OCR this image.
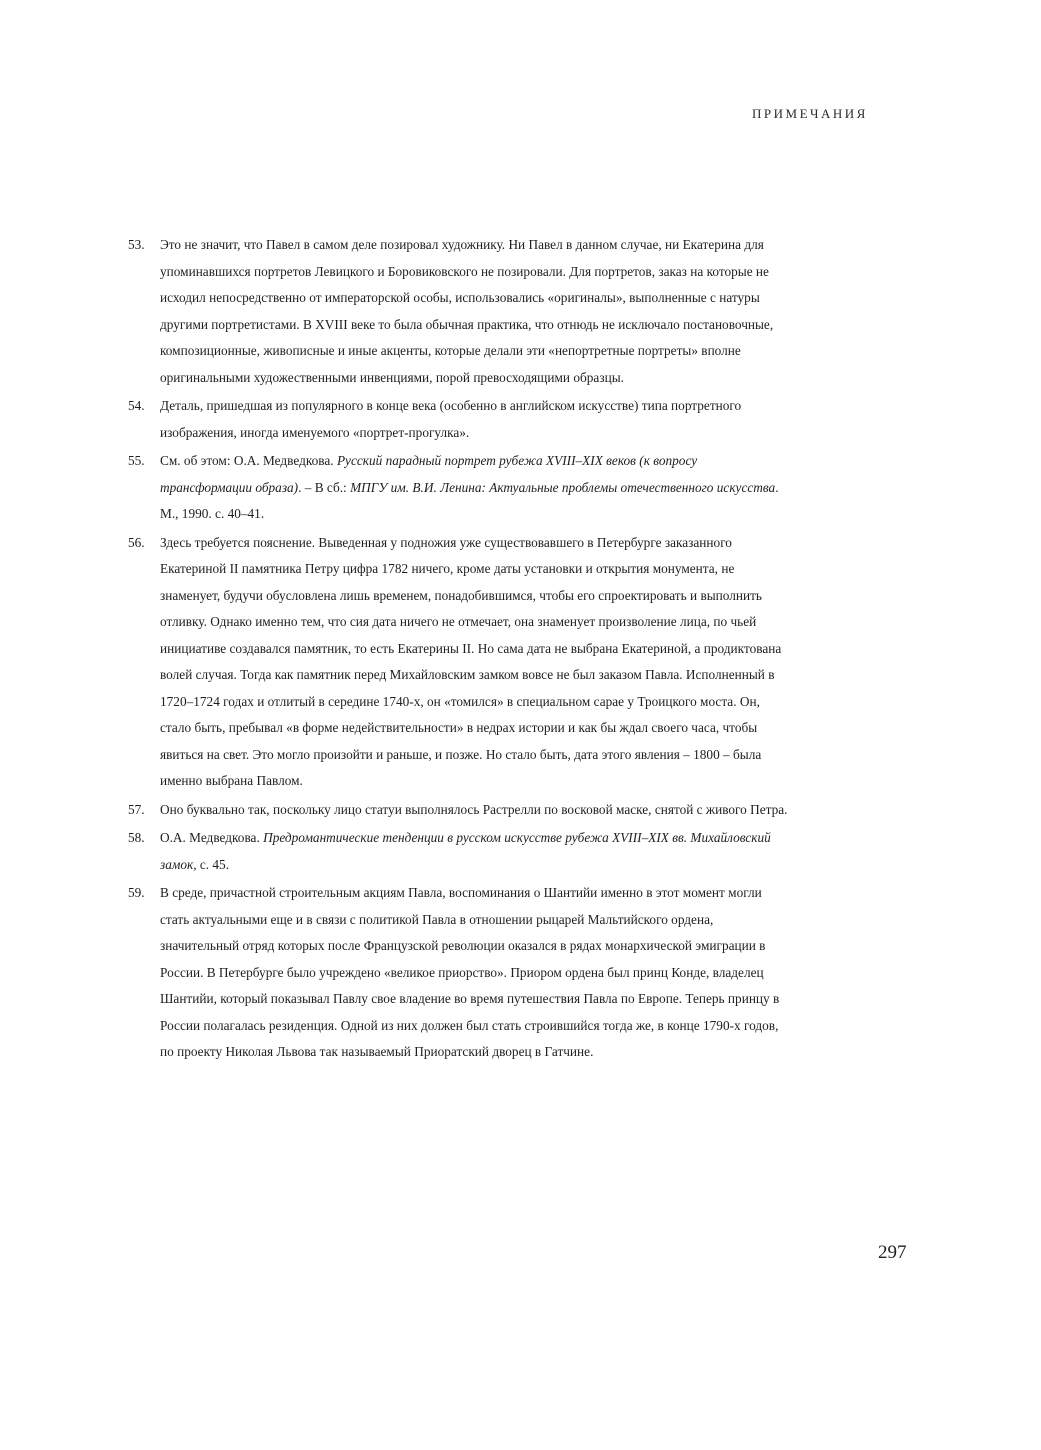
ПРИМЕЧАНИЯ
53.	Это не значит, что Павел в самом деле позировал художнику. Ни Павел в данном случае, ни Екатерина для упоминавшихся портретов Левицкого и Боровиковского не позировали. Для портретов, заказ на которые не исходил непосредственно от императорской особы, использовались «оригиналы», выполненные с натуры другими портретистами. В XVIII веке то была обычная практика, что отнюдь не исключало постановочные, композиционные, живописные и иные акценты, которые делали эти «непортретные портреты» вполне оригинальными художественными инвенциями, порой превосходящими образцы.
54.	Деталь, пришедшая из популярного в конце века (особенно в английском искусстве) типа портретного изображения, иногда именуемого «портрет-прогулка».
55.	См. об этом: О.А. Медведкова. Русский парадный портрет рубежа XVIII–XIX веков (к вопросу трансформации образа). – В сб.: МПГУ им. В.И. Ленина: Актуальные проблемы отечественного искусства. М., 1990. с. 40–41.
56.	Здесь требуется пояснение. Выведенная у подножия уже существовавшего в Петербурге заказанного Екатериной II памятника Петру цифра 1782 ничего, кроме даты установки и открытия монумента, не знаменует, будучи обусловлена лишь временем, понадобившимся, чтобы его спроектировать и выполнить отливку. Однако именно тем, что сия дата ничего не отмечает, она знаменует произволение лица, по чьей инициативе создавался памятник, то есть Екатерины II. Но сама дата не выбрана Екатериной, а продиктована волей случая. Тогда как памятник перед Михайловским замком вовсе не был заказом Павла. Исполненный в 1720–1724 годах и отлитый в середине 1740-х, он «томился» в специальном сарае у Троицкого моста. Он, стало быть, пребывал «в форме недействительности» в недрах истории и как бы ждал своего часа, чтобы явиться на свет. Это могло произойти и раньше, и позже. Но стало быть, дата этого явления – 1800 – была именно выбрана Павлом.
57.	Оно буквально так, поскольку лицо статуи выполнялось Растрелли по восковой маске, снятой с живого Петра.
58.	О.А. Медведкова. Предромантические тенденции в русском искусстве рубежа XVIII–XIX вв. Михайловский замок, с. 45.
59.	В среде, причастной строительным акциям Павла, воспоминания о Шантийи именно в этот момент могли стать актуальными еще и в связи с политикой Павла в отношении рыцарей Мальтийского ордена, значительный отряд которых после Французской революции оказался в рядах монархической эмиграции в России. В Петербурге было учреждено «великое приорство». Приором ордена был принц Конде, владелец Шантийи, который показывал Павлу свое владение во время путешествия Павла по Европе. Теперь принцу в России полагалась резиденция. Одной из них должен был стать строившийся тогда же, в конце 1790-х годов, по проекту Николая Львова так называемый Приоратский дворец в Гатчине.
297
